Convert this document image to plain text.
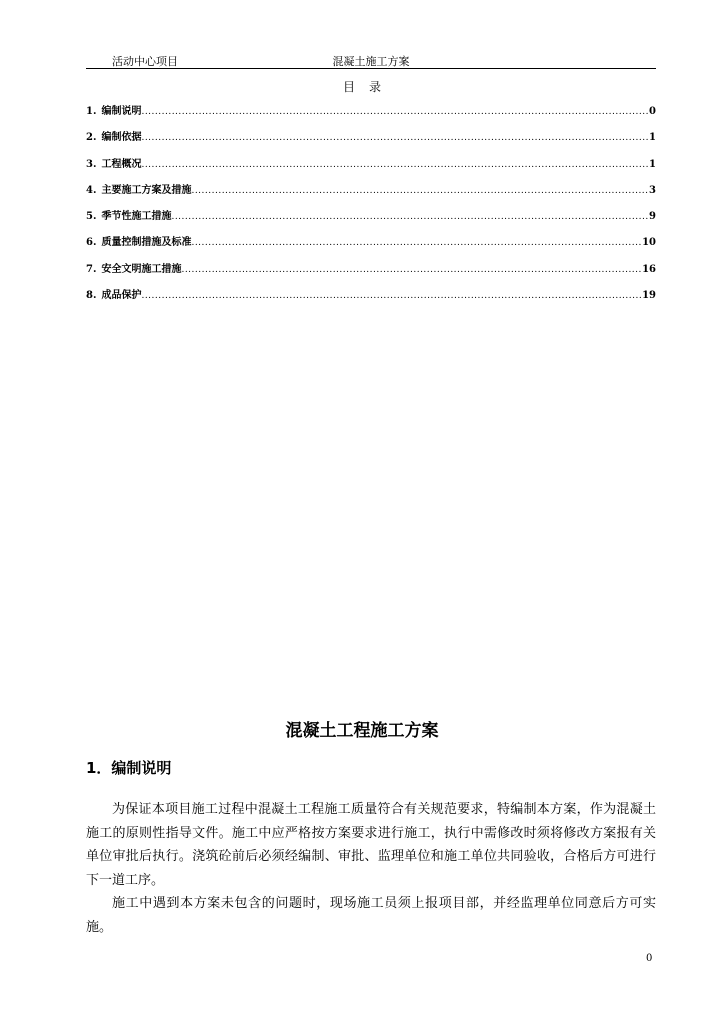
活动中心项目	混凝土施工方案
目录
1. 编制说明 .....	0
2. 编制依据 .....	1
3. 工程概况 .....	1
4. 主要施工方案及措施 .....	3
5. 季节性施工措施 .....	9
6. 质量控制措施及标准 .....	10
7. 安全文明施工措施 .....	16
8. 成品保护 .....	19
混凝土工程施工方案
1．编制说明

为保证本项目施工过程中混凝土工程施工质量符合有关规范要求，特编制本方案，作为混凝土施工的原则性指导文件。施工中应严格按方案要求进行施工，执行中需修改时须将修改方案报有关单位审批后执行。浇筑砼前后必须经编制、审批、监理单位和施工单位共同验收，合格后方可进行下一道工序。

施工中遇到本方案未包含的问题时，现场施工员须上报项目部，并经监理单位同意后方可实施。

0
